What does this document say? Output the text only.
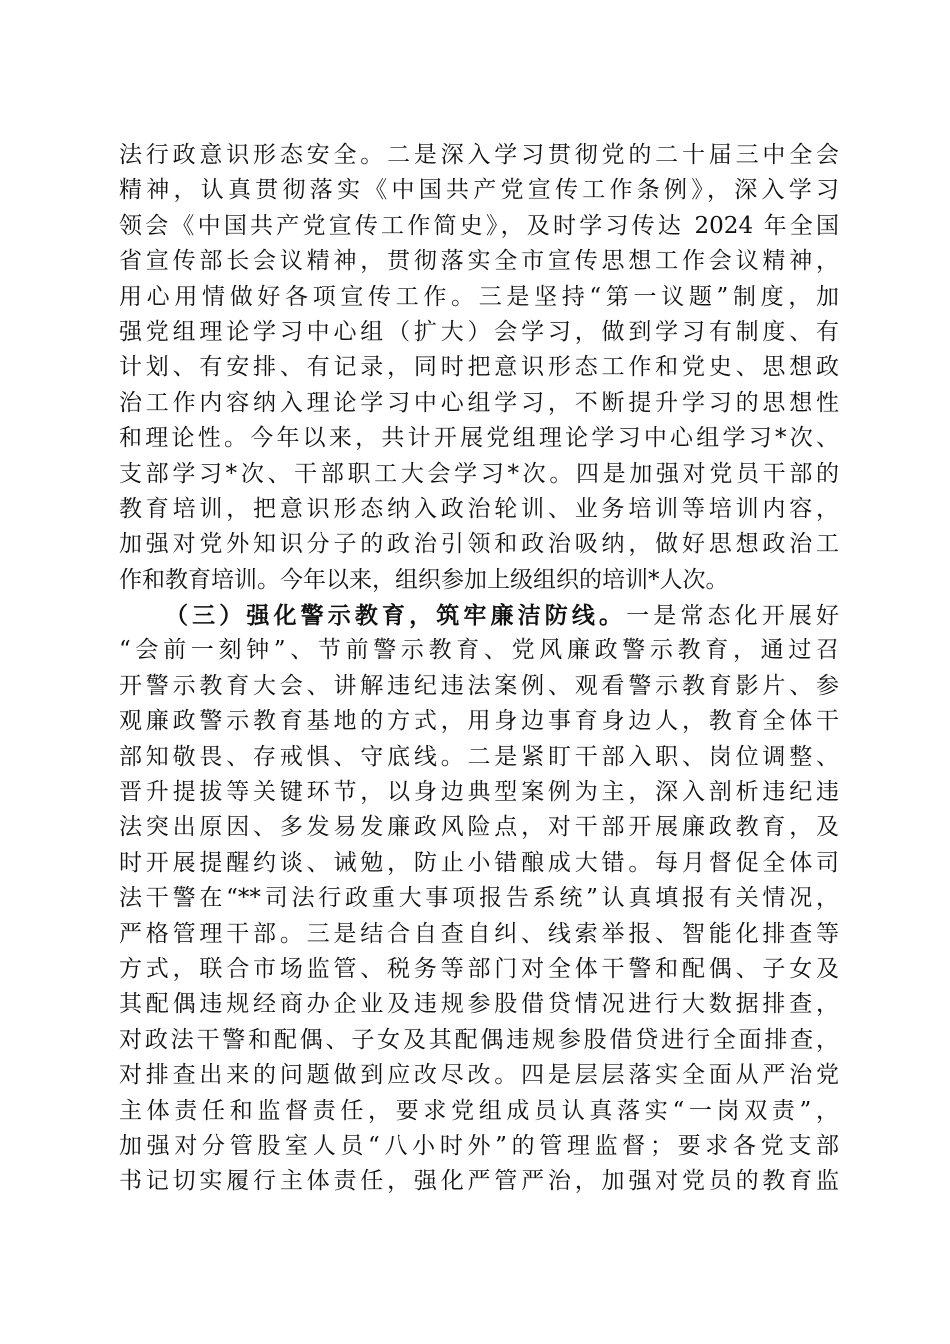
法行政意识形态安全。二是深入学习贯彻党的二十届三中全会
精神，认真贯彻落实《中国共产党宣传工作条例》，深入学习
领会《中国共产党宣传工作简史》，及时学习传达 2024 年全国
省宣传部长会议精神，贯彻落实全市宣传思想工作会议精神，
用心用情做好各项宣传工作。三是坚持“第一议题”制度，加
强党组理论学习中心组（扩大）会学习，做到学习有制度、有
计划、有安排、有记录，同时把意识形态工作和党史、思想政
治工作内容纳入理论学习中心组学习，不断提升学习的思想性
和理论性。今年以来，共计开展党组理论学习中心组学习*次、
支部学习*次、干部职工大会学习*次。四是加强对党员干部的
教育培训，把意识形态纳入政治轮训、业务培训等培训内容，
加强对党外知识分子的政治引领和政治吸纳，做好思想政治工
作和教育培训。今年以来，组织参加上级组织的培训*人次。
（三）强化警示教育，筑牢廉洁防线。一是常态化开展好
“会前一刻钟”、节前警示教育、党风廉政警示教育，通过召
开警示教育大会、讲解违纪违法案例、观看警示教育影片、参
观廉政警示教育基地的方式，用身边事育身边人，教育全体干
部知敬畏、存戒惧、守底线。二是紧盯干部入职、岗位调整、
晋升提拔等关键环节，以身边典型案例为主，深入剖析违纪违
法突出原因、多发易发廉政风险点，对干部开展廉政教育，及
时开展提醒约谈、诫勉，防止小错酿成大错。每月督促全体司
法干警在“**司法行政重大事项报告系统”认真填报有关情况，
严格管理干部。三是结合自查自纠、线索举报、智能化排查等
方式，联合市场监管、税务等部门对全体干警和配偶、子女及
其配偶违规经商办企业及违规参股借贷情况进行大数据排查，
对政法干警和配偶、子女及其配偶违规参股借贷进行全面排查，
对排查出来的问题做到应改尽改。四是层层落实全面从严治党
主体责任和监督责任，要求党组成员认真落实“一岗双责”，
加强对分管股室人员“八小时外”的管理监督；要求各党支部
书记切实履行主体责任，强化严管严治，加强对党员的教育监
